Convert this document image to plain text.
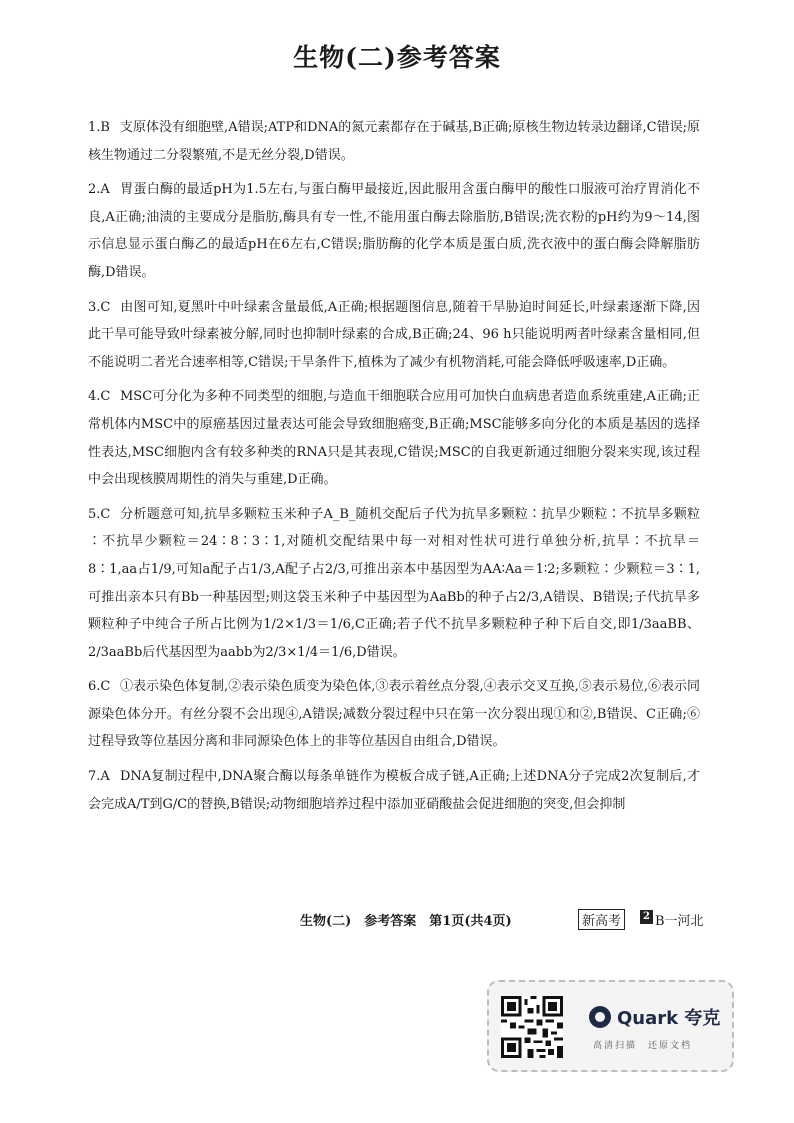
生物(二)参考答案

1.B 支原体没有细胞壁,A错误;ATP和DNA的氮元素都存在于碱基,B正确;原核生物边转录边翻译,C错误;原核生物通过二分裂繁殖,不是无丝分裂,D错误。

2.A 胃蛋白酶的最适pH为1.5左右,与蛋白酶甲最接近,因此服用含蛋白酶甲的酸性口服液可治疗胃消化不良,A正确;油渍的主要成分是脂肪,酶具有专一性,不能用蛋白酶去除脂肪,B错误;洗衣粉的pH约为9～14,图示信息显示蛋白酶乙的最适pH在6左右,C错误;脂肪酶的化学本质是蛋白质,洗衣液中的蛋白酶会降解脂肪酶,D错误。

3.C 由图可知,夏黑叶中叶绿素含量最低,A正确;根据题图信息,随着干旱胁迫时间延长,叶绿素逐渐下降,因此干旱可能导致叶绿素被分解,同时也抑制叶绿素的合成,B正确;24、96 h只能说明两者叶绿素含量相同,但不能说明二者光合速率相等,C错误;干旱条件下,植株为了减少有机物消耗,可能会降低呼吸速率,D正确。

4.C MSC可分化为多种不同类型的细胞,与造血干细胞联合应用可加快白血病患者造血系统重建,A正确;正常机体内MSC中的原癌基因过量表达可能会导致细胞癌变,B正确;MSC能够多向分化的本质是基因的选择性表达,MSC细胞内含有较多种类的RNA只是其表现,C错误;MSC的自我更新通过细胞分裂来实现,该过程中会出现核膜周期性的消失与重建,D正确。

5.C 分析题意可知,抗旱多颗粒玉米种子A_B_随机交配后子代为抗旱多颗粒∶抗旱少颗粒∶不抗旱多颗粒∶不抗旱少颗粒＝24∶8∶3∶1,对随机交配结果中每一对相对性状可进行单独分析,抗旱∶不抗旱＝8∶1,aa占1/9,可知a配子占1/3,A配子占2/3,可推出亲本中基因型为AA∶Aa＝1∶2;多颗粒∶少颗粒＝3∶1,可推出亲本只有Bb一种基因型;则这袋玉米种子中基因型为AaBb的种子占2/3,A错误、B错误;子代抗旱多颗粒种子中纯合子所占比例为1/2×1/3＝1/6,C正确;若子代不抗旱多颗粒种子种下后自交,即1/3aaBB、2/3aaBb后代基因型为aabb为2/3×1/4＝1/6,D错误。

6.C ①表示染色体复制,②表示染色质变为染色体,③表示着丝点分裂,④表示交叉互换,⑤表示易位,⑥表示同源染色体分开。有丝分裂不会出现④,A错误;减数分裂过程中只在第一次分裂出现①和②,B错误、C正确;⑥过程导致等位基因分离和非同源染色体上的非等位基因自由组合,D错误。

7.A DNA复制过程中,DNA聚合酶以每条单链作为模板合成子链,A正确;上述DNA分子完成2次复制后,才会完成A/T到G/C的替换,B错误;动物细胞培养过程中添加亚硝酸盐会促进细胞的突变,但会抑制

生物(二)　参考答案　第1页(共4页)	新高考	2 B一河北
Quark 夸克
高清扫描　还原文档
